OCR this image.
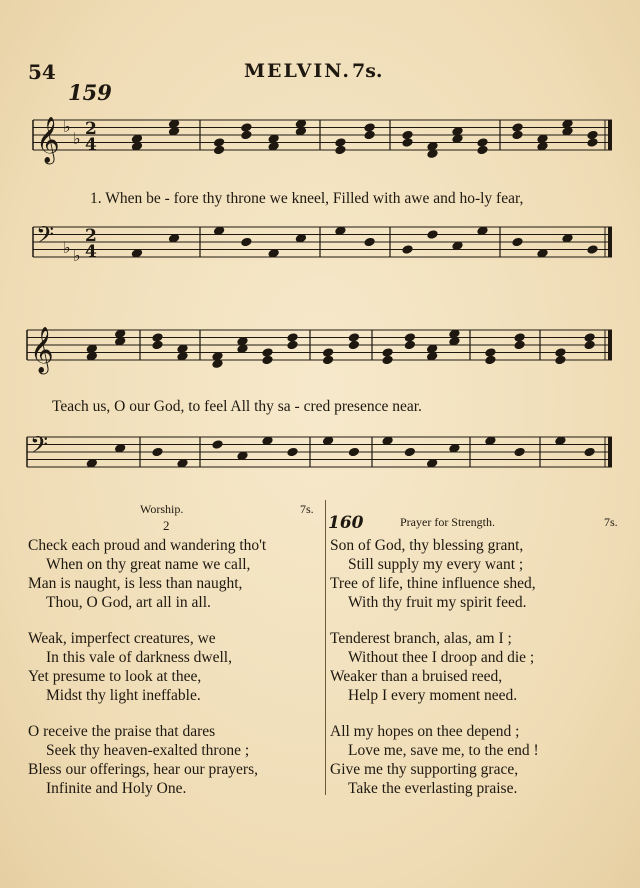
54	MELVIN. 7s.
159
𝄞 ♭
♭ 2
4
𝄢 ♭ ♭
2
4
𝄞
𝄢
1. When be - fore thy throne we kneel, Filled with awe and ho-ly fear,
Teach us, O our God, to feel All thy sa - cred presence near.
Worship.	7s.
2
Check each proud and wandering tho't
When on thy great name we call,
Man is naught, is less than naught,
Thou, O God, art all in all.
Weak, imperfect creatures, we
In this vale of darkness dwell,
Yet presume to look at thee,
Midst thy light ineffable.
O receive the praise that dares
Seek thy heaven-exalted throne ;
Bless our offerings, hear our prayers,
Infinite and Holy One.
160	Prayer for Strength.	7s.
Son of God, thy blessing grant,
Still supply my every want ;
Tree of life, thine influence shed,
With thy fruit my spirit feed.
Tenderest branch, alas, am I ;
Without thee I droop and die ;
Weaker than a bruised reed,
Help I every moment need.
All my hopes on thee depend ;
Love me, save me, to the end !
Give me thy supporting grace,
Take the everlasting praise.
